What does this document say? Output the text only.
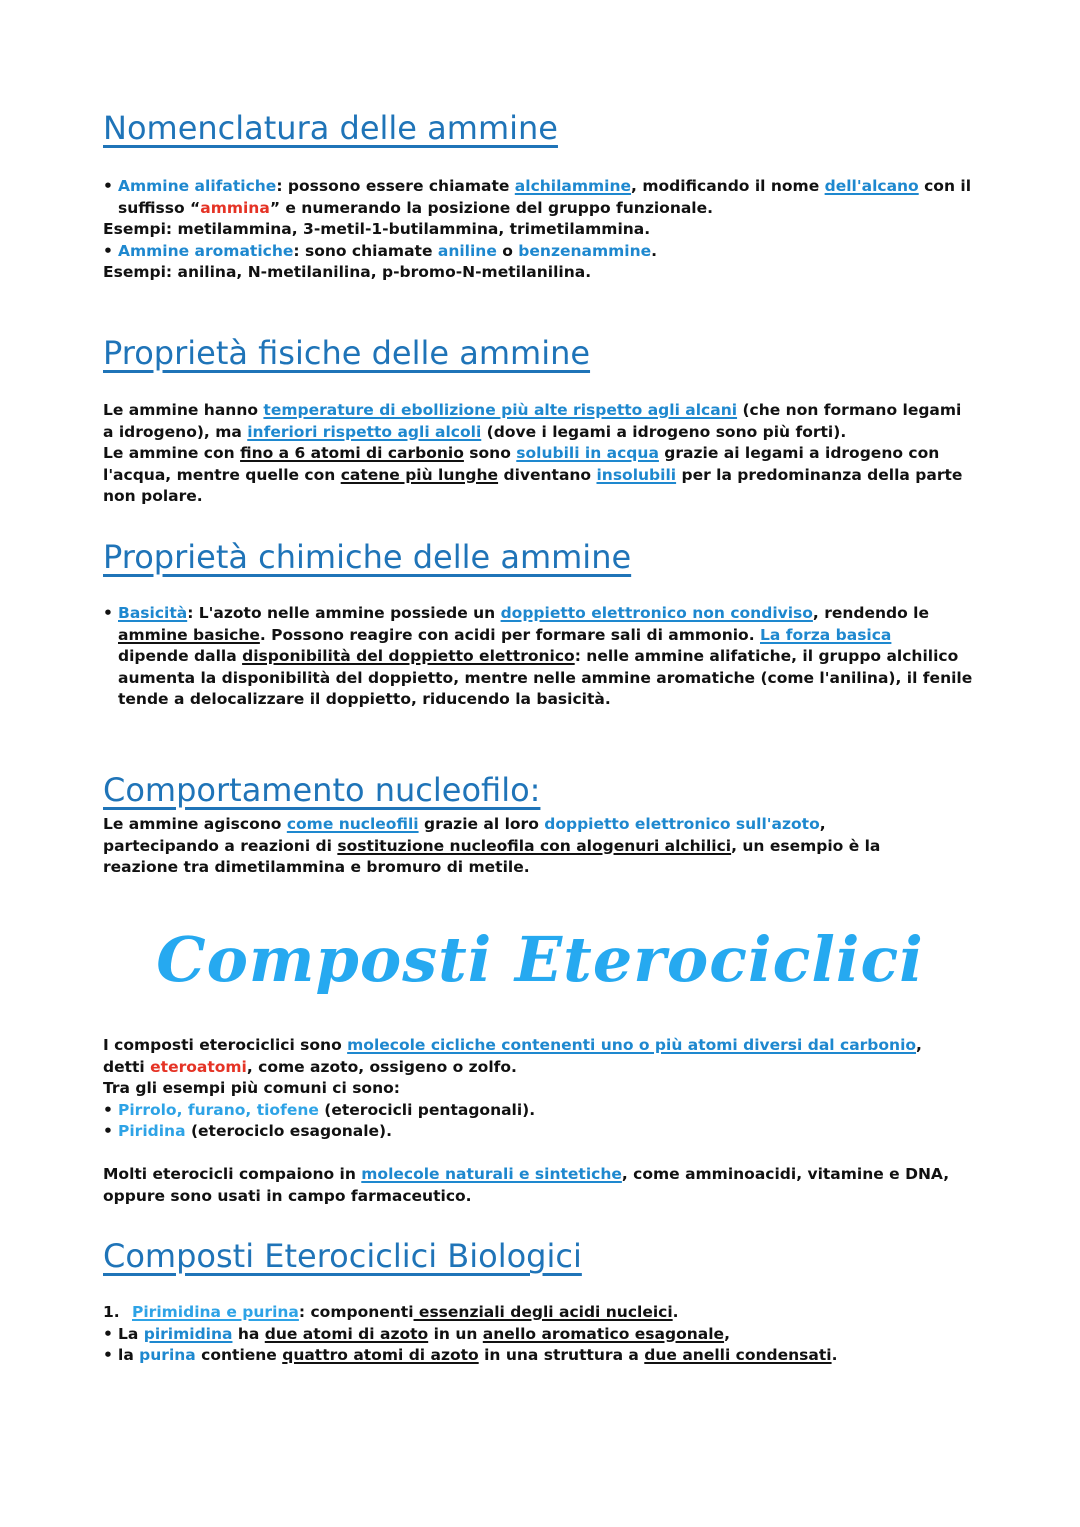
Nomenclatura delle ammine
• Ammine alifatiche: possono essere chiamate alchilammine, modificando il nome dell'alcano con il
suffisso “ammina” e numerando la posizione del gruppo funzionale.
Esempi: metilammina, 3-metil-1-butilammina, trimetilammina.
• Ammine aromatiche: sono chiamate aniline o benzenammine.
Esempi: anilina, N-metilanilina, p-bromo-N-metilanilina.
Proprietà fisiche delle ammine
Le ammine hanno temperature di ebollizione più alte rispetto agli alcani (che non formano legami
a idrogeno), ma inferiori rispetto agli alcoli (dove i legami a idrogeno sono più forti).
Le ammine con fino a 6 atomi di carbonio sono solubili in acqua grazie ai legami a idrogeno con
l'acqua, mentre quelle con catene più lunghe diventano insolubili per la predominanza della parte
non polare.
Proprietà chimiche delle ammine
• Basicità: L'azoto nelle ammine possiede un doppietto elettronico non condiviso, rendendo le
ammine basiche. Possono reagire con acidi per formare sali di ammonio. La forza basica
dipende dalla disponibilità del doppietto elettronico: nelle ammine alifatiche, il gruppo alchilico
aumenta la disponibilità del doppietto, mentre nelle ammine aromatiche (come l'anilina), il fenile
tende a delocalizzare il doppietto, riducendo la basicità.
Comportamento nucleofilo:
Le ammine agiscono come nucleofili grazie al loro doppietto elettronico sull'azoto,
partecipando a reazioni di sostituzione nucleofila con alogenuri alchilici, un esempio è la
reazione tra dimetilammina e bromuro di metile.
Composti Eterociclici
I composti eterociclici sono molecole cicliche contenenti uno o più atomi diversi dal carbonio,
detti eteroatomi, come azoto, ossigeno o zolfo.
Tra gli esempi più comuni ci sono:
• Pirrolo, furano, tiofene (eterocicli pentagonali).
• Piridina (eterociclo esagonale).
Molti eterocicli compaiono in molecole naturali e sintetiche, come amminoacidi, vitamine e DNA,
oppure sono usati in campo farmaceutico.
Composti Eterociclici Biologici
1. Pirimidina e purina: componenti essenziali degli acidi nucleici.
• La pirimidina ha due atomi di azoto in un anello aromatico esagonale,
• la purina contiene quattro atomi di azoto in una struttura a due anelli condensati.
